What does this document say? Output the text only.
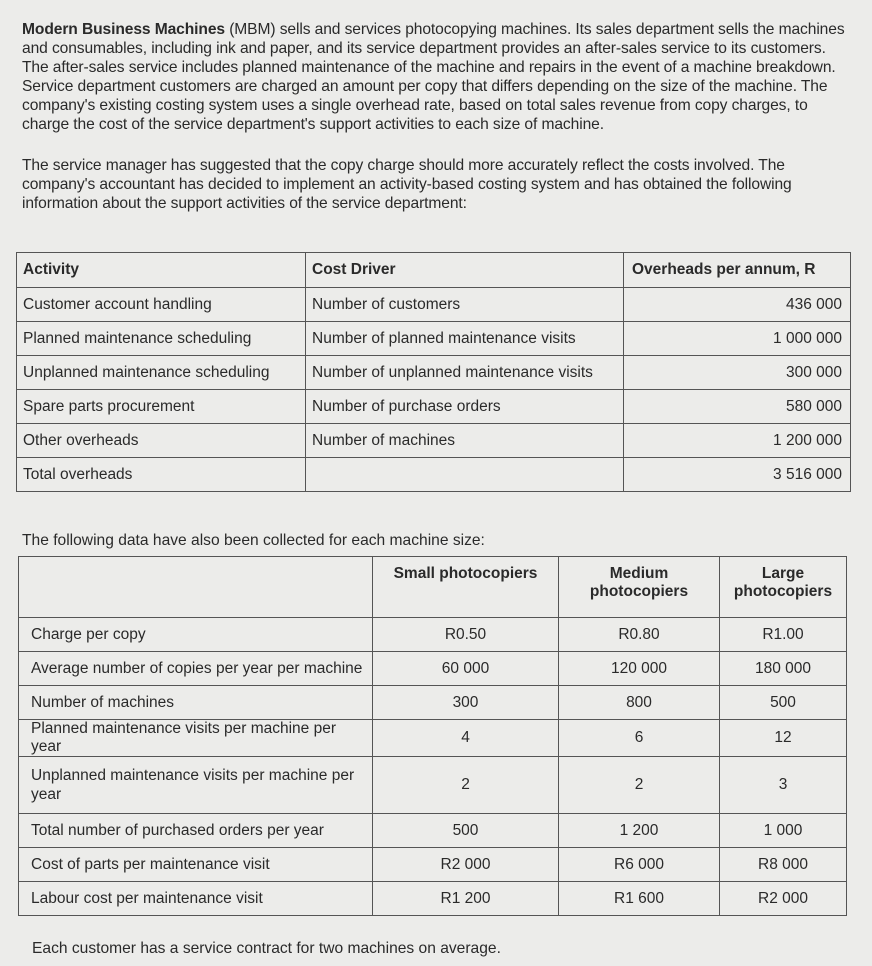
Modern Business Machines (MBM) sells and services photocopying machines. Its sales department sells the machines and consumables, including ink and paper, and its service department provides an after-sales service to its customers. The after-sales service includes planned maintenance of the machine and repairs in the event of a machine breakdown. Service department customers are charged an amount per copy that differs depending on the size of the machine. The company's existing costing system uses a single overhead rate, based on total sales revenue from copy charges, to charge the cost of the service department's support activities to each size of machine.
The service manager has suggested that the copy charge should more accurately reflect the costs involved. The company's accountant has decided to implement an activity-based costing system and has obtained the following information about the support activities of the service department:
Activity	Cost Driver	Overheads per annum, R
Customer account handling	Number of customers	436 000
Planned maintenance scheduling	Number of planned maintenance visits	1 000 000
Unplanned maintenance scheduling	Number of unplanned maintenance visits	300 000
Spare parts procurement	Number of purchase orders	580 000
Other overheads	Number of machines	1 200 000
Total overheads		3 516 000
The following data have also been collected for each machine size:
	Small photocopiers	Medium photocopiers	Large photocopiers
Charge per copy	R0.50	R0.80	R1.00
Average number of copies per year per machine	60 000	120 000	180 000
Number of machines	300	800	500
Planned maintenance visits per machine per year	4	6	12
Unplanned maintenance visits per machine per year	2	2	3
Total number of purchased orders per year	500	1 200	1 000
Cost of parts per maintenance visit	R2 000	R6 000	R8 000
Labour cost per maintenance visit	R1 200	R1 600	R2 000
Each customer has a service contract for two machines on average.
